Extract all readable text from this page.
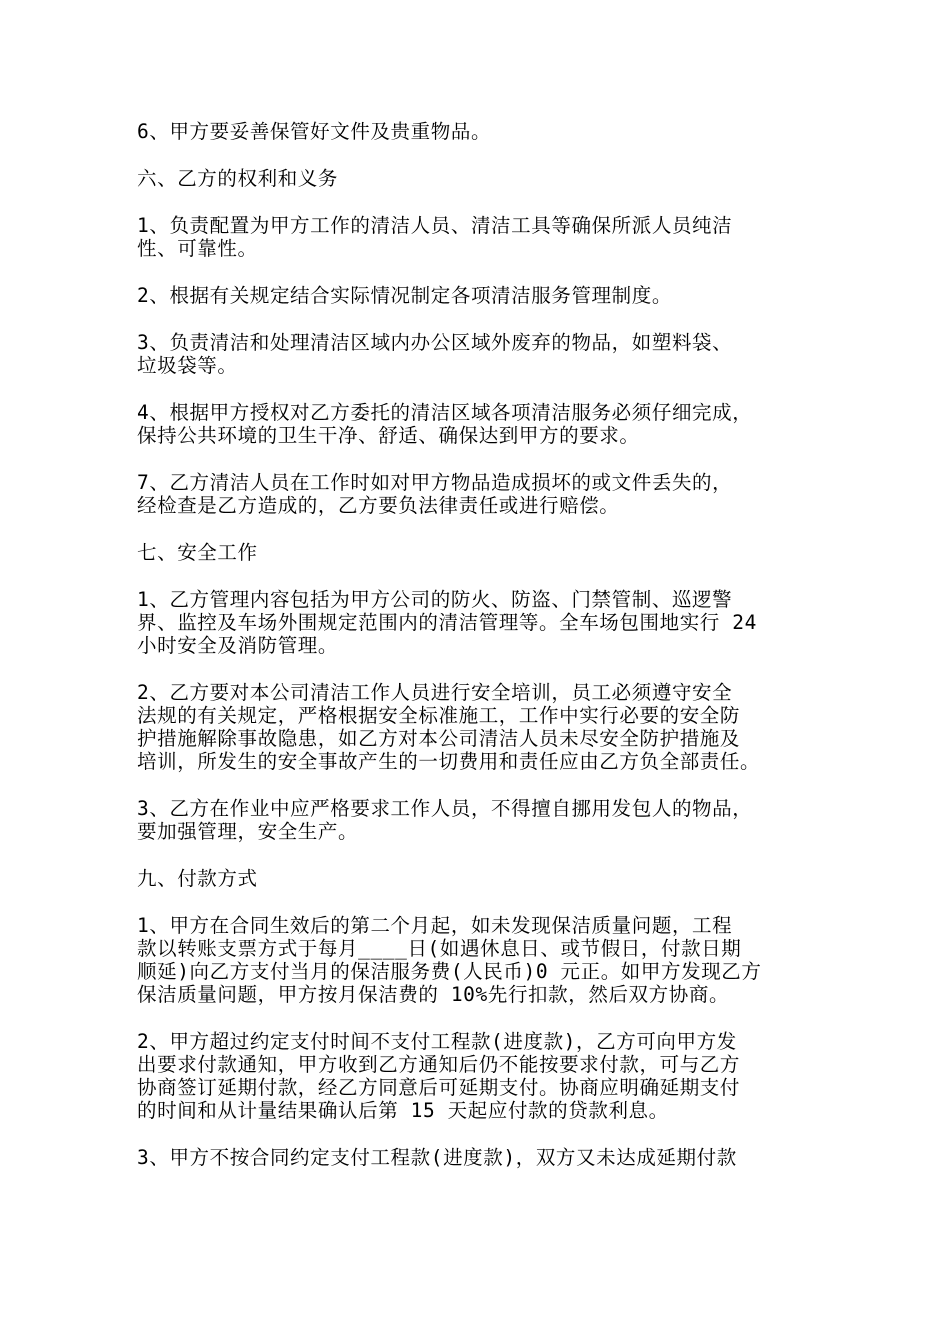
6、甲方要妥善保管好文件及贵重物品。
六、乙方的权利和义务
1、负责配置为甲方工作的清洁人员、清洁工具等确保所派人员纯洁
性、可靠性。
2、根据有关规定结合实际情况制定各项清洁服务管理制度。
3、负责清洁和处理清洁区域内办公区域外废弃的物品，如塑料袋、
垃圾袋等。
4、根据甲方授权对乙方委托的清洁区域各项清洁服务必须仔细完成，
保持公共环境的卫生干净、舒适、确保达到甲方的要求。
7、乙方清洁人员在工作时如对甲方物品造成损坏的或文件丢失的，
经检查是乙方造成的，乙方要负法律责任或进行赔偿。
七、安全工作
1、乙方管理内容包括为甲方公司的防火、防盗、门禁管制、巡逻警
界、监控及车场外围规定范围内的清洁管理等。全车场包围地实行 24
小时安全及消防管理。
2、乙方要对本公司清洁工作人员进行安全培训，员工必须遵守安全
法规的有关规定，严格根据安全标准施工，工作中实行必要的安全防
护措施解除事故隐患，如乙方对本公司清洁人员未尽安全防护措施及
培训，所发生的安全事故产生的一切费用和责任应由乙方负全部责任。
3、乙方在作业中应严格要求工作人员，不得擅自挪用发包人的物品，
要加强管理，安全生产。
九、付款方式
1、甲方在合同生效后的第二个月起，如未发现保洁质量问题，工程
款以转账支票方式于每月____日(如遇休息日、或节假日，付款日期
顺延)向乙方支付当月的保洁服务费(人民币)0 元正。如甲方发现乙方
保洁质量问题，甲方按月保洁费的 10%先行扣款，然后双方协商。
2、甲方超过约定支付时间不支付工程款(进度款)，乙方可向甲方发
出要求付款通知，甲方收到乙方通知后仍不能按要求付款，可与乙方
协商签订延期付款，经乙方同意后可延期支付。协商应明确延期支付
的时间和从计量结果确认后第 15 天起应付款的贷款利息。
3、甲方不按合同约定支付工程款(进度款)，双方又未达成延期付款
